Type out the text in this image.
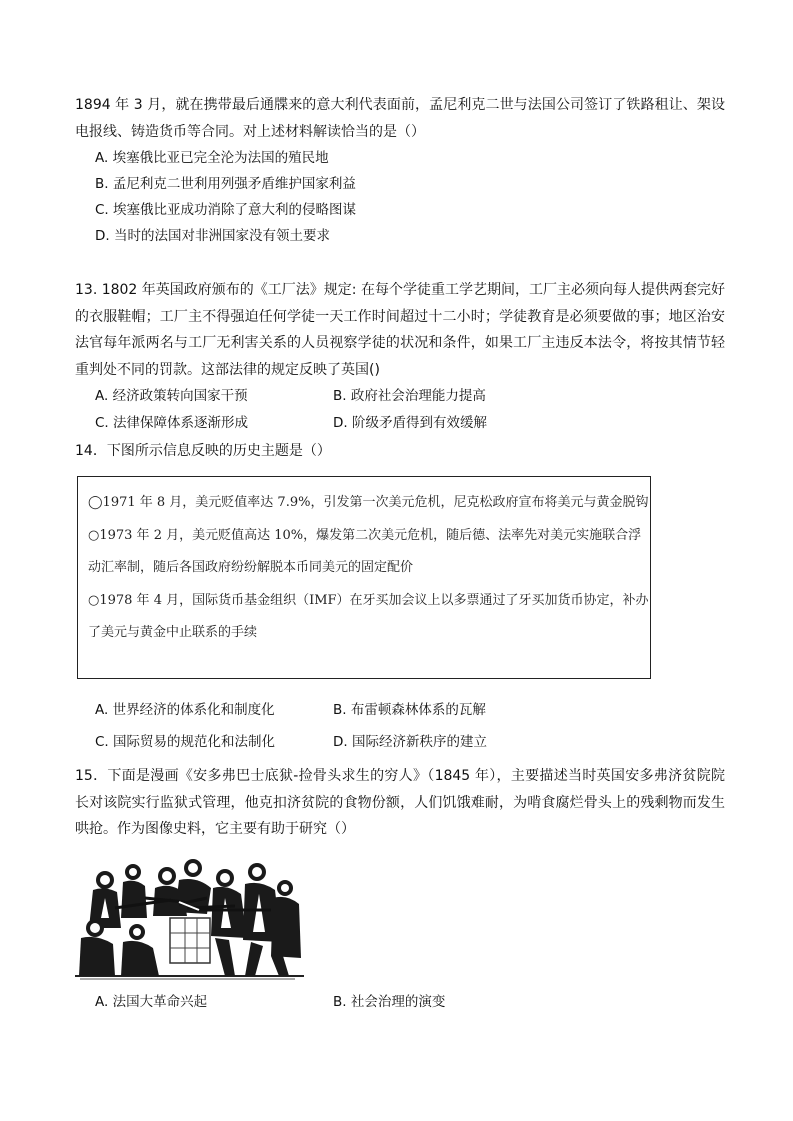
1894 年 3 月，就在携带最后通牒来的意大利代表面前，孟尼利克二世与法国公司签订了铁路租让、架设电报线、铸造货币等合同。对上述材料解读恰当的是（）

A. 埃塞俄比亚已完全沦为法国的殖民地
B. 孟尼利克二世利用列强矛盾维护国家利益
C. 埃塞俄比亚成功消除了意大利的侵略图谋
D. 当时的法国对非洲国家没有领土要求

13. 1802 年英国政府颁布的《工厂法》规定: 在每个学徒重工学艺期间，工厂主必须向每人提供两套完好的衣服鞋帽；工厂主不得强迫任何学徒一天工作时间超过十二小时；学徒教育是必须要做的事；地区治安法官每年派两名与工厂无利害关系的人员视察学徒的状况和条件，如果工厂主违反本法令，将按其情节轻重判处不同的罚款。这部法律的规定反映了英国()

A. 经济政策转向国家干预	B. 政府社会治理能力提高
C. 法律保障体系逐渐形成	D. 阶级矛盾得到有效缓解

14．下图所示信息反映的历史主题是（）

◯1971 年 8 月，美元贬值率达 7.9%，引发第一次美元危机，尼克松政府宣布将美元与黄金脱钩

○1973 年 2 月，美元贬值高达 10%，爆发第二次美元危机，随后德、法率先对美元实施联合浮动汇率制，随后各国政府纷纷解脱本币同美元的固定配价

○1978 年 4 月，国际货币基金组织（IMF）在牙买加会议上以多票通过了牙买加货币协定，补办了美元与黄金中止联系的手续

A. 世界经济的体系化和制度化	B. 布雷顿森林体系的瓦解
C. 国际贸易的规范化和法制化	D. 国际经济新秩序的建立

15．下面是漫画《安多弗巴士底狱-捡骨头求生的穷人》（1845 年），主要描述当时英国安多弗济贫院院长对该院实行监狱式管理，他克扣济贫院的食物份额，人们饥饿难耐，为啃食腐烂骨头上的残剩物而发生哄抢。作为图像史料，它主要有助于研究（）

A. 法国大革命兴起	B. 社会治理的演变
